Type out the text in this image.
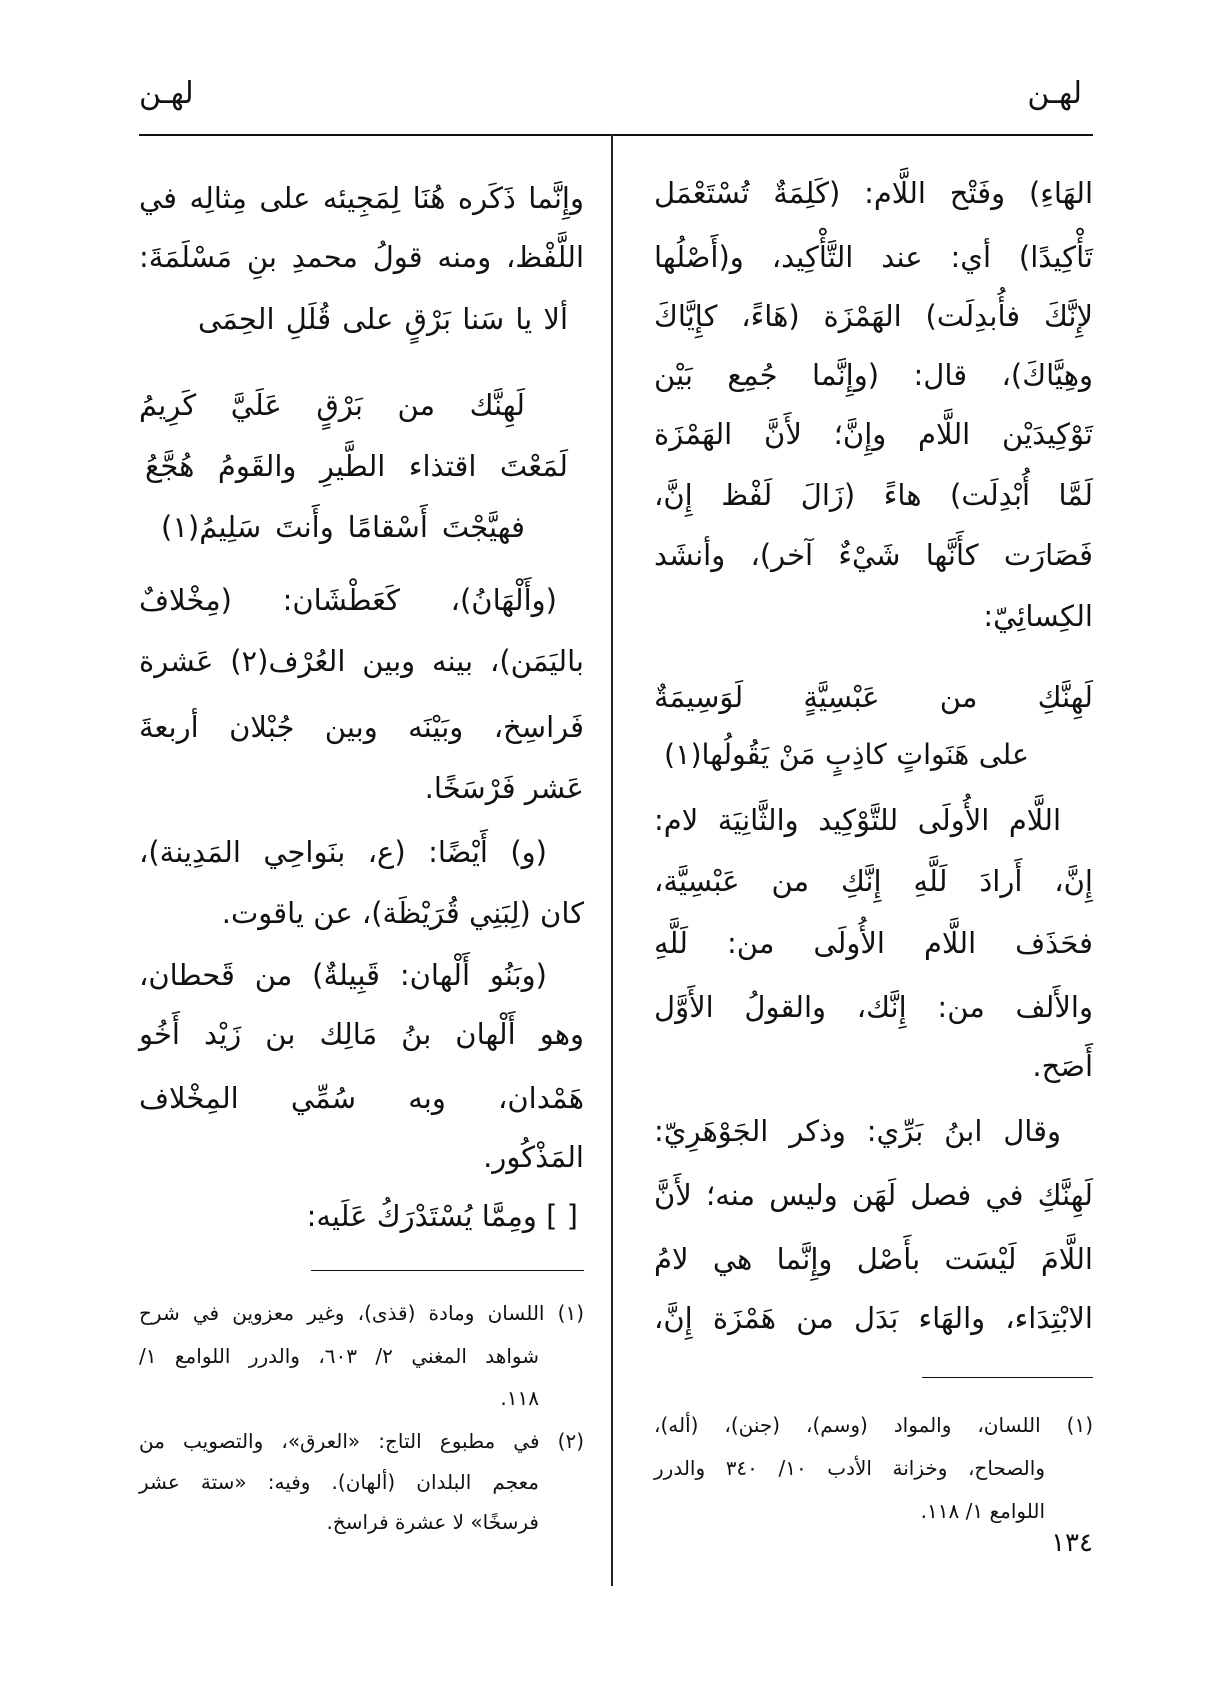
لهـن
لهـن
الهَاءِ) وفَتْح اللَّام: (كَلِمَةٌ تُسْتَعْمَل
تَأْكِيدًا) أي: عند التَّأْكِيد، و(أَصْلُها
لإِنَّكَ فأُبدِلَت) الهَمْزَة (هَاءً، كإِيَّاكَ
وهِيَّاكَ)، قال: (وإِنَّما جُمِع بَيْن
تَوْكِيدَيْن اللَّام وإِنَّ؛ لأَنَّ الهَمْزَة
لَمَّا أُبْدِلَت) هاءً (زَالَ لَفْظ إِنَّ،
فَصَارَت كأَنَّها شَيْءٌ آخر)، وأنشَد
الكِسائِيّ:
لَهِنَّكِ من عَبْسِيَّةٍ لَوَسِيمَةٌ
على هَنَواتٍ كاذِبٍ مَنْ يَقُولُها(١)
اللَّام الأُولَى للتَّوْكِيد والثَّانِيَة لام:
إِنَّ، أَرادَ لَلَّهِ إِنَّكِ من عَبْسِيَّة،
فحَذَف اللَّام الأُولَى من: لَلَّهِ
والأَلف من: إِنَّك، والقولُ الأَوَّل
أَصَح.
وقال ابنُ بَرِّي: وذكر الجَوْهَرِيّ:
لَهِنَّكِ في فصل لَهَن وليس منه؛ لأَنَّ
اللَّامَ لَيْسَت بأَصْل وإِنَّما هي لامُ
الابْتِدَاء، والهَاء بَدَل من هَمْزَة إِنَّ،
(١) اللسان، والمواد (وسم)، (جنن)، (أله)،
والصحاح، وخزانة الأدب ١٠/ ٣٤٠ والدرر
اللوامع ١/ ١١٨.
١٣٤
وإِنَّما ذَكَره هُنَا لِمَجِيئه على مِثالِه في
اللَّفْظ، ومنه قولُ محمدِ بنِ مَسْلَمَةَ:
ألا يا سَنا بَرْقٍ على قُلَلِ الحِمَى
لَهِنَّك من بَرْقٍ عَلَيَّ كَرِيمُ
لَمَعْتَ اقتذاء الطَّيرِ والقَومُ هُجَّعُ
فهيَّجْتَ أَسْقامًا وأَنتَ سَلِيمُ(١)
(وأَلْهَانُ)، كَعَطْشَان: (مِخْلافٌ
باليَمَن)، بينه وبين العُرْف(٢) عَشرة
فَراسِخ، وبَيْنَه وبين جُبْلان أربعةَ
عَشر فَرْسَخًا.
(و) أَيْضًا: (ع، بنَواحِي المَدِينة)،
كان (لِبَنِي قُرَيْظَة)، عن ياقوت.
(وبَنُو أَلْهان: قَبِيلةٌ) من قَحطان،
وهو أَلْهان بنُ مَالِك بن زَيْد أَخُو
هَمْدان، وبه سُمِّي المِخْلاف
المَذْكُور.
[ ] ومِمَّا يُسْتَدْرَكُ عَلَيه:
(١) اللسان ومادة (قذى)، وغير معزوين في شرح
شواهد المغني ٢/ ٦٠٣، والدرر اللوامع ١/
١١٨.
(٢) في مطبوع التاج: «العرق»، والتصويب من
معجم البلدان (ألهان). وفيه: «ستة عشر
فرسخًا» لا عشرة فراسخ.
